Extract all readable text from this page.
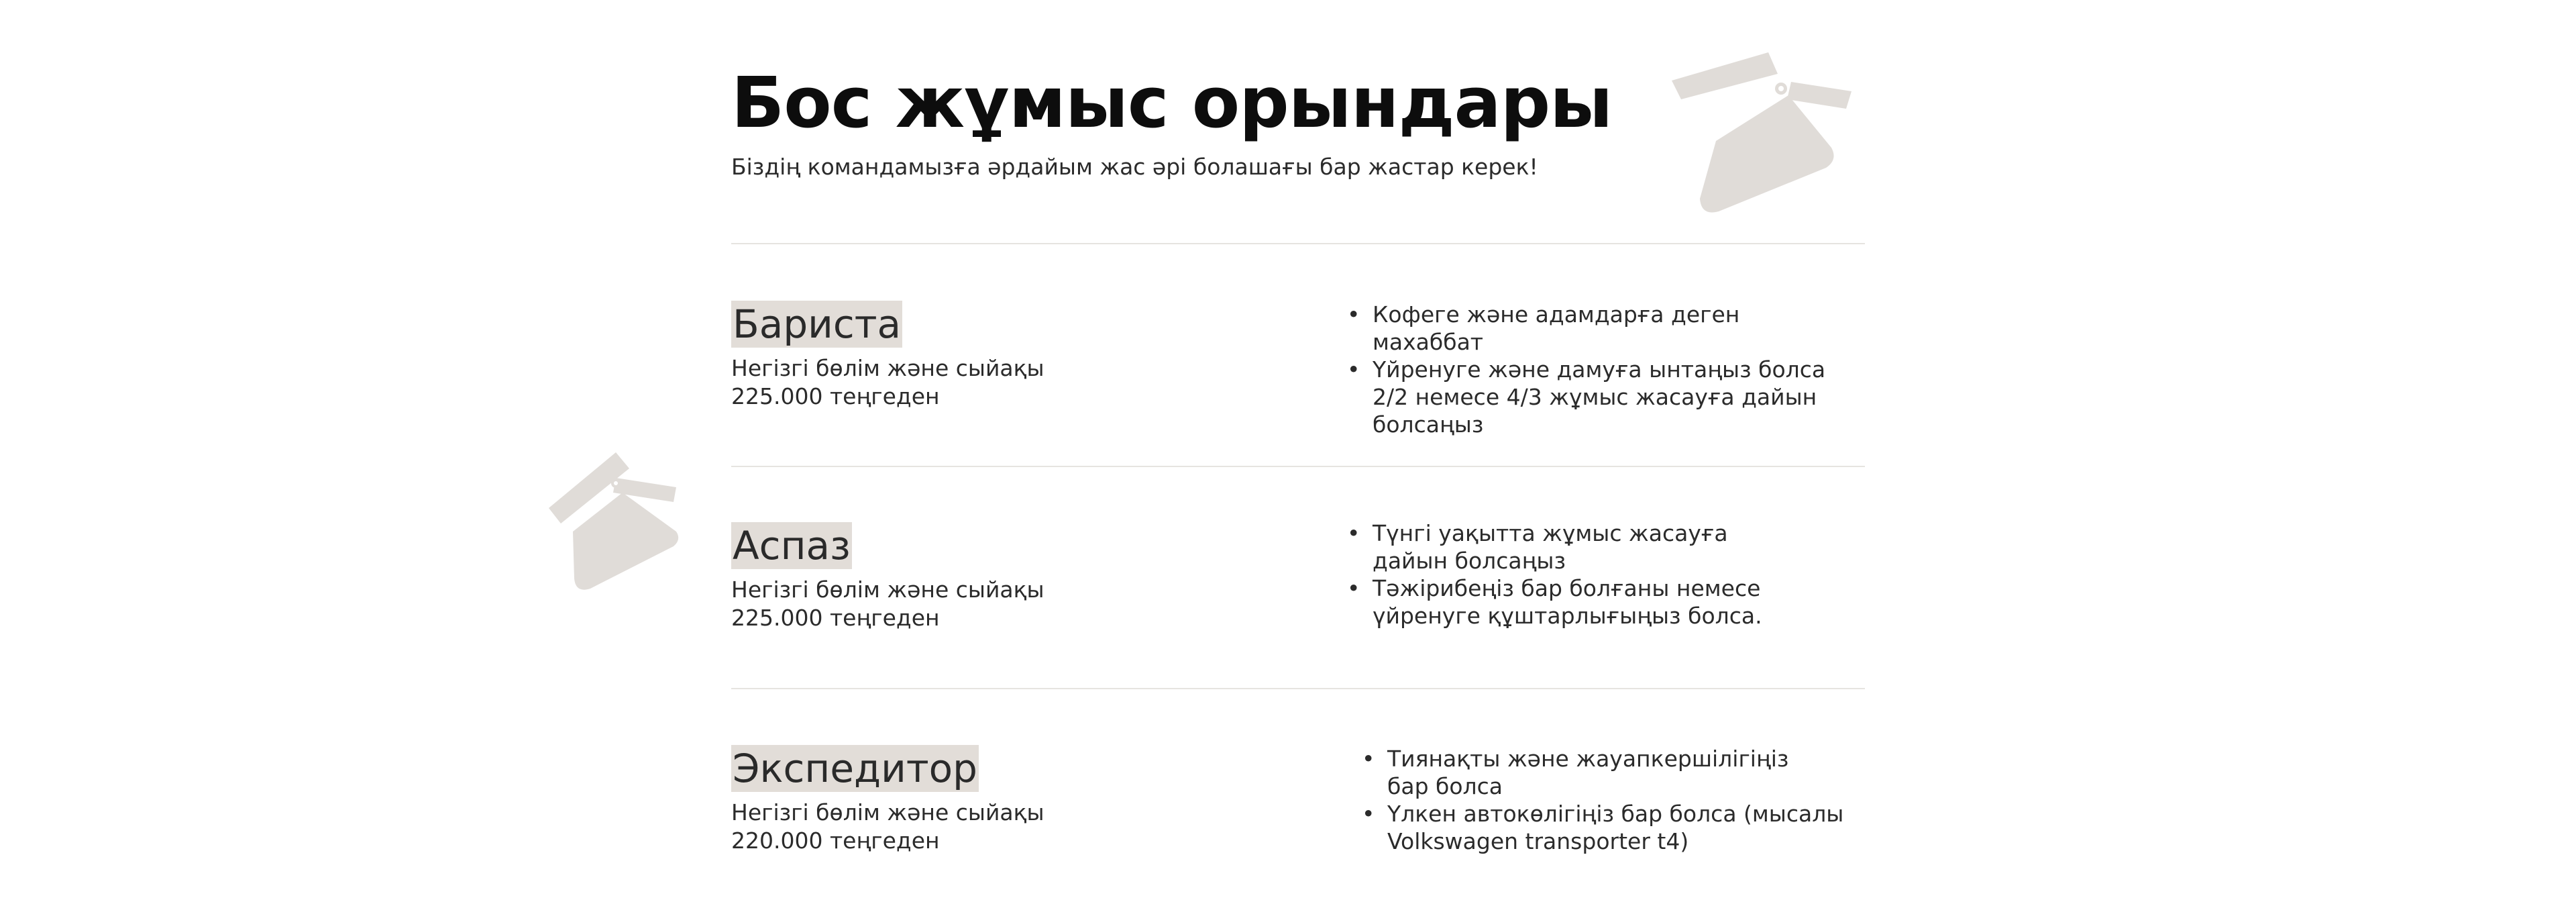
Бос жұмыс орындары

Біздің командамызға әрдайым жас әрі болашағы бар жастар керек!

Бариста
Негізгі бөлім және сыйақы
225.000 теңгеден
• Кофеге және адамдарға деген махаббат
• Үйренуге және дамуға ынтаңыз болса 2/2 немесе 4/3 жұмыс жасауға дайын болсаңыз
Аспаз
Негізгі бөлім және сыйақы
225.000 теңгеден
• Түнгі уақытта жұмыс жасауға дайын болсаңыз
• Тәжірибеңіз бар болғаны немесе үйренуге құштарлығыңыз болса.
Экспедитор
Негізгі бөлім және сыйақы
220.000 теңгеден
• Тиянақты және жауапкершілігіңіз бар болса
• Үлкен автокөлігіңіз бар болса (мысалы Volkswagen transporter t4)
